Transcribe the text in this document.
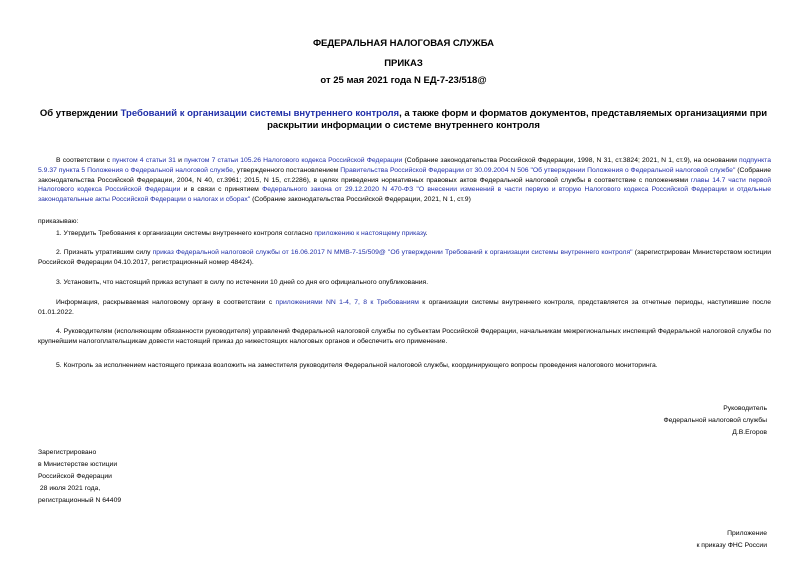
ФЕДЕРАЛЬНАЯ НАЛОГОВАЯ СЛУЖБА
ПРИКАЗ
от 25 мая 2021 года N ЕД-7-23/518@
Об утверждении Требований к организации системы внутреннего контроля, а также форм и форматов документов, представляемых организациями при раскрытии информации о системе внутреннего контроля
В соответствии с пунктом 4 статьи 31 и пунктом 7 статьи 105.26 Налогового кодекса Российской Федерации (Собрание законодательства Российской Федерации, 1998, N 31, ст.3824; 2021, N 1, ст.9), на основании подпункта 5.9.37 пункта 5 Положения о Федеральной налоговой службе, утвержденного постановлением Правительства Российской Федерации от 30.09.2004 N 506 "Об утверждении Положения о Федеральной налоговой службе" (Собрание законодательства Российской Федерации, 2004, N 40, ст.3961; 2015, N 15, ст.2286), в целях приведения нормативных правовых актов Федеральной налоговой службы в соответствие с положениями главы 14.7 части первой Налогового кодекса Российской Федерации и в связи с принятием Федерального закона от 29.12.2020 N 470-ФЗ "О внесении изменений в части первую и вторую Налогового кодекса Российской Федерации и отдельные законодательные акты Российской Федерации о налогах и сборах" (Собрание законодательства Российской Федерации, 2021, N 1, ст.9)
приказываю:
1. Утвердить Требования к организации системы внутреннего контроля согласно приложению к настоящему приказу.
2. Признать утратившим силу приказ Федеральной налоговой службы от 16.06.2017 N ММВ-7-15/509@ "Об утверждении Требований к организации системы внутреннего контроля" (зарегистрирован Министерством юстиции Российской Федерации 04.10.2017, регистрационный номер 48424).
3. Установить, что настоящий приказ вступает в силу по истечении 10 дней со дня его официального опубликования.
Информация, раскрываемая налоговому органу в соответствии с приложениями NN 1-4, 7, 8 к Требованиям к организации системы внутреннего контроля, представляется за отчетные периоды, наступившие после 01.01.2022.
4. Руководителям (исполняющим обязанности руководителя) управлений Федеральной налоговой службы по субъектам Российской Федерации, начальникам межрегиональных инспекций Федеральной налоговой службы по крупнейшим налогоплательщикам довести настоящий приказ до нижестоящих налоговых органов и обеспечить его применение.
5. Контроль за исполнением настоящего приказа возложить на заместителя руководителя Федеральной налоговой службы, координирующего вопросы проведения налогового мониторинга.
Руководитель
Федеральной налоговой службы
Д.В.Егоров
Зарегистрировано
в Министерстве юстиции
Российской Федерации
28 июля 2021 года,
регистрационный N 64409
Приложение
к приказу ФНС России
